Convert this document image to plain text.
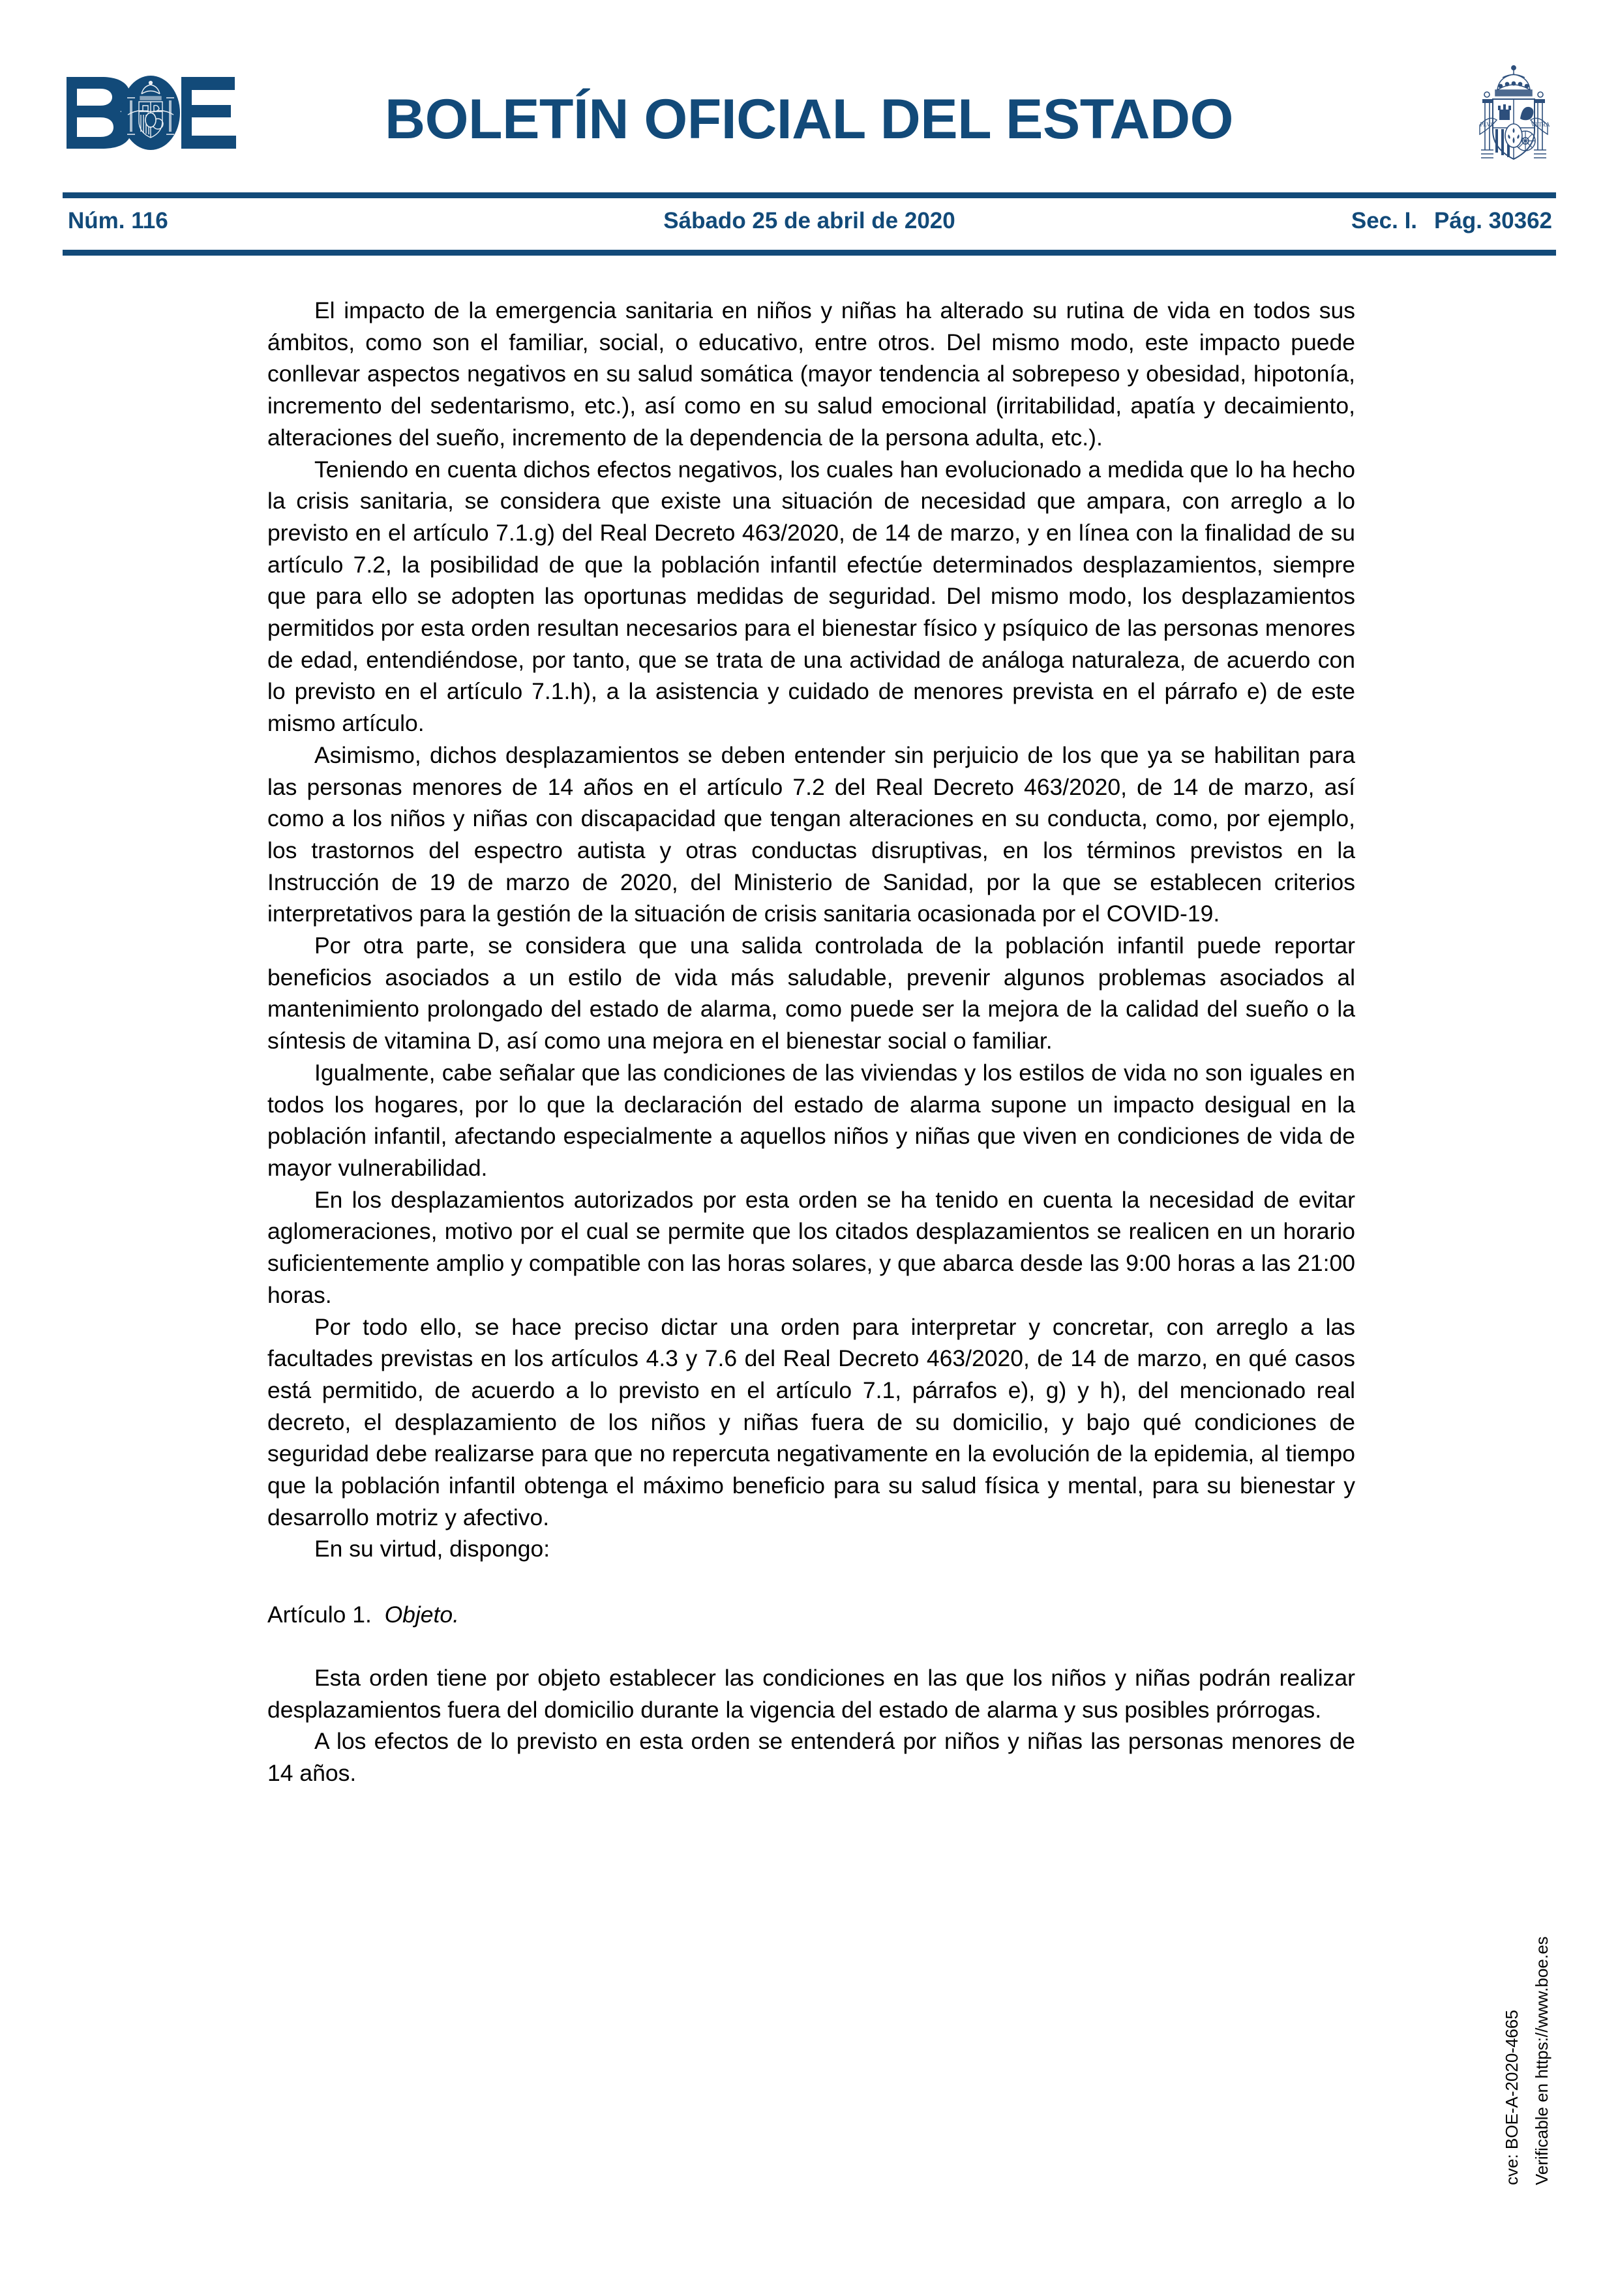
BOLETÍN OFICIAL DEL ESTADO	PLVS	VLTRA
Núm. 116	Sábado 25 de abril de 2020	Sec. I. Pág. 30362

El impacto de la emergencia sanitaria en niños y niñas ha alterado su rutina de vida en todos sus ámbitos, como son el familiar, social, o educativo, entre otros. Del mismo modo, este impacto puede conllevar aspectos negativos en su salud somática (mayor tendencia al sobrepeso y obesidad, hipotonía, incremento del sedentarismo, etc.), así como en su salud emocional (irritabilidad, apatía y decaimiento, alteraciones del sueño, incremento de la dependencia de la persona adulta, etc.).

Teniendo en cuenta dichos efectos negativos, los cuales han evolucionado a medida que lo ha hecho la crisis sanitaria, se considera que existe una situación de necesidad que ampara, con arreglo a lo previsto en el artículo 7.1.g) del Real Decreto 463/2020, de 14 de marzo, y en línea con la finalidad de su artículo 7.2, la posibilidad de que la población infantil efectúe determinados desplazamientos, siempre que para ello se adopten las oportunas medidas de seguridad. Del mismo modo, los desplazamientos permitidos por esta orden resultan necesarios para el bienestar físico y psíquico de las personas menores de edad, entendiéndose, por tanto, que se trata de una actividad de análoga naturaleza, de acuerdo con lo previsto en el artículo 7.1.h), a la asistencia y cuidado de menores prevista en el párrafo e) de este mismo artículo.

Asimismo, dichos desplazamientos se deben entender sin perjuicio de los que ya se habilitan para las personas menores de 14 años en el artículo 7.2 del Real Decreto 463/2020, de 14 de marzo, así como a los niños y niñas con discapacidad que tengan alteraciones en su conducta, como, por ejemplo, los trastornos del espectro autista y otras conductas disruptivas, en los términos previstos en la Instrucción de 19 de marzo de 2020, del Ministerio de Sanidad, por la que se establecen criterios interpretativos para la gestión de la situación de crisis sanitaria ocasionada por el COVID-19.

Por otra parte, se considera que una salida controlada de la población infantil puede reportar beneficios asociados a un estilo de vida más saludable, prevenir algunos problemas asociados al mantenimiento prolongado del estado de alarma, como puede ser la mejora de la calidad del sueño o la síntesis de vitamina D, así como una mejora en el bienestar social o familiar.

Igualmente, cabe señalar que las condiciones de las viviendas y los estilos de vida no son iguales en todos los hogares, por lo que la declaración del estado de alarma supone un impacto desigual en la población infantil, afectando especialmente a aquellos niños y niñas que viven en condiciones de vida de mayor vulnerabilidad.

En los desplazamientos autorizados por esta orden se ha tenido en cuenta la necesidad de evitar aglomeraciones, motivo por el cual se permite que los citados desplazamientos se realicen en un horario suficientemente amplio y compatible con las horas solares, y que abarca desde las 9:00 horas a las 21:00 horas.

Por todo ello, se hace preciso dictar una orden para interpretar y concretar, con arreglo a las facultades previstas en los artículos 4.3 y 7.6 del Real Decreto 463/2020, de 14 de marzo, en qué casos está permitido, de acuerdo a lo previsto en el artículo 7.1, párrafos e), g) y h), del mencionado real decreto, el desplazamiento de los niños y niñas fuera de su domicilio, y bajo qué condiciones de seguridad debe realizarse para que no repercuta negativamente en la evolución de la epidemia, al tiempo que la población infantil obtenga el máximo beneficio para su salud física y mental, para su bienestar y desarrollo motriz y afectivo.

En su virtud, dispongo:

Artículo 1. Objeto.

Esta orden tiene por objeto establecer las condiciones en las que los niños y niñas podrán realizar desplazamientos fuera del domicilio durante la vigencia del estado de alarma y sus posibles prórrogas.

A los efectos de lo previsto en esta orden se entenderá por niños y niñas las personas menores de 14 años.

cve: BOE-A-2020-4665 Verificable en https://www.boe.es
